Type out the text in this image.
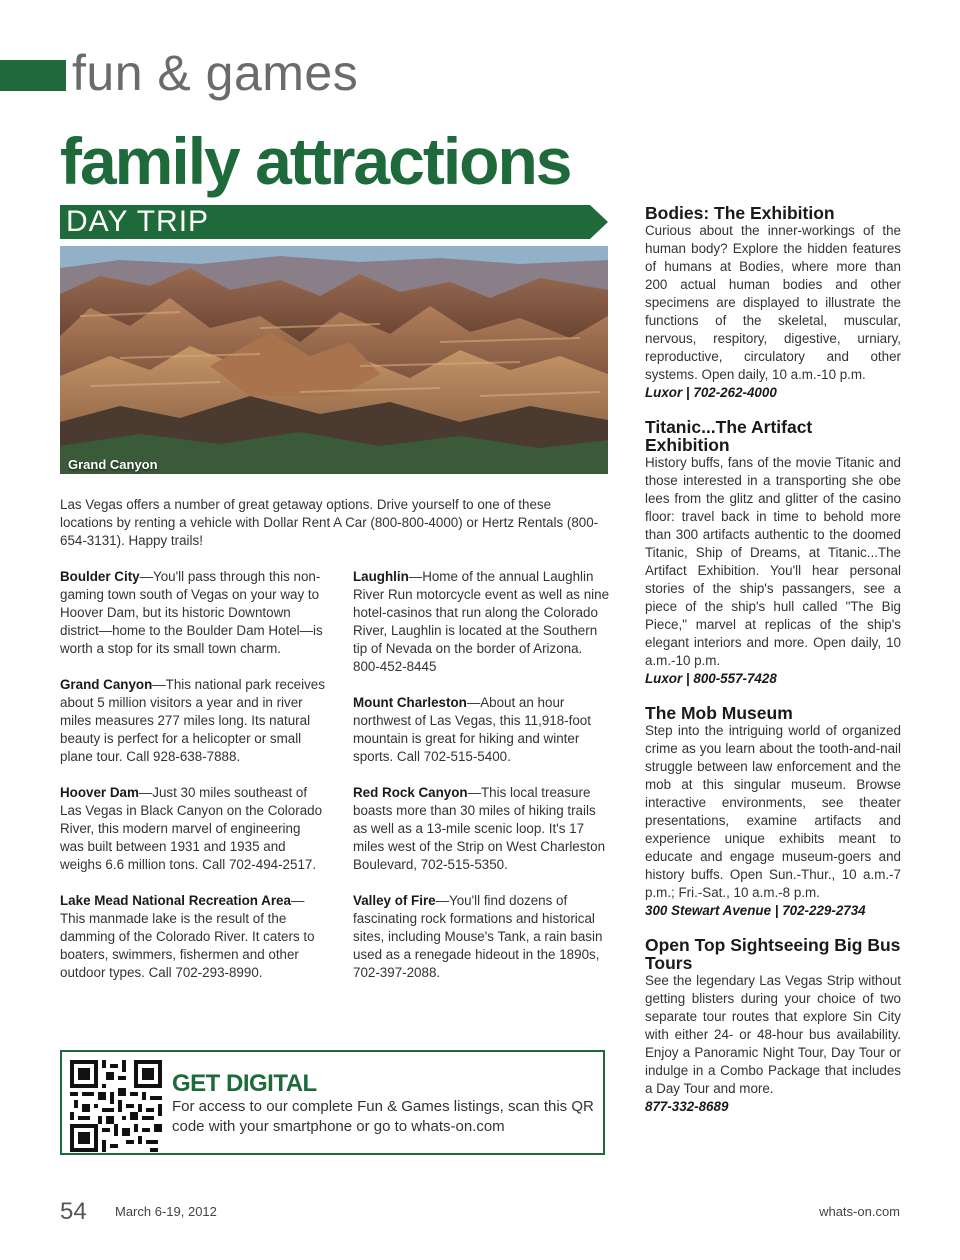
fun & games
family attractions
DAY TRIP
Grand Canyon
Las Vegas offers a number of great getaway options. Drive yourself to one of these locations by renting a vehicle with Dollar Rent A Car (800-800-4000) or Hertz Rentals (800-654-3131). Happy trails!

Boulder City—You'll pass through this non-gaming town south of Vegas on your way to Hoover Dam, but its historic Downtown district—home to the Boulder Dam Hotel—is worth a stop for its small town charm.

Grand Canyon—This national park receives about 5 million visitors a year and in river miles measures 277 miles long. Its natural beauty is perfect for a helicopter or small plane tour. Call 928-638-7888.

Hoover Dam—Just 30 miles southeast of Las Vegas in Black Canyon on the Colorado River, this modern marvel of engineering was built between 1931 and 1935 and weighs 6.6 million tons. Call 702-494-2517.

Lake Mead National Recreation Area—This manmade lake is the result of the damming of the Colorado River. It caters to boaters, swimmers, fishermen and other outdoor types. Call 702-293-8990.

Laughlin—Home of the annual Laughlin River Run motorcycle event as well as nine hotel-casinos that run along the Colorado River, Laughlin is located at the Southern tip of Nevada on the border of Arizona. 800-452-8445

Mount Charleston—About an hour northwest of Las Vegas, this 11,918-foot mountain is great for hiking and winter sports. Call 702-515-5400.

Red Rock Canyon—This local treasure boasts more than 30 miles of hiking trails as well as a 13-mile scenic loop. It's 17 miles west of the Strip on West Charleston Boulevard, 702-515-5350.

Valley of Fire—You'll find dozens of fascinating rock formations and historical sites, including Mouse's Tank, a rain basin used as a renegade hideout in the 1890s, 702-397-2088.

Bodies: The Exhibition
Curious about the inner-workings of the human body? Explore the hidden features of humans at Bodies, where more than 200 actual human bodies and other specimens are displayed to illustrate the functions of the skeletal, muscular, nervous, respitory, digestive, urniary, reproductive, circulatory and other systems. Open daily, 10 a.m.-10 p.m.
Luxor | 702-262-4000
Titanic...The Artifact Exhibition
History buffs, fans of the movie Titanic and those interested in a transporting she obe lees from the glitz and glitter of the casino floor: travel back in time to behold more than 300 artifacts authentic to the doomed Titanic, Ship of Dreams, at Titanic...The Artifact Exhibition. You'll hear personal stories of the ship's passangers, see a piece of the ship's hull called "The Big Piece," marvel at replicas of the ship's elegant interiors and more. Open daily, 10 a.m.-10 p.m.
Luxor | 800-557-7428
The Mob Museum
Step into the intriguing world of organized crime as you learn about the tooth-and-nail struggle between law enforcement and the mob at this singular museum. Browse interactive environments, see theater presentations, examine artifacts and experience unique exhibits meant to educate and engage museum-goers and history buffs. Open Sun.-Thur., 10 a.m.-7 p.m.; Fri.-Sat., 10 a.m.-8 p.m.
300 Stewart Avenue | 702-229-2734
Open Top Sightseeing Big Bus Tours
See the legendary Las Vegas Strip without getting blisters during your choice of two separate tour routes that explore Sin City with either 24- or 48-hour bus availability. Enjoy a Panoramic Night Tour, Day Tour or indulge in a Combo Package that includes a Day Tour and more.
877-332-8689
GET DIGITAL
For access to our complete Fun & Games listings, scan this QR code with your smartphone or go to whats-on.com
54 March 6-19, 2012	whats-on.com
